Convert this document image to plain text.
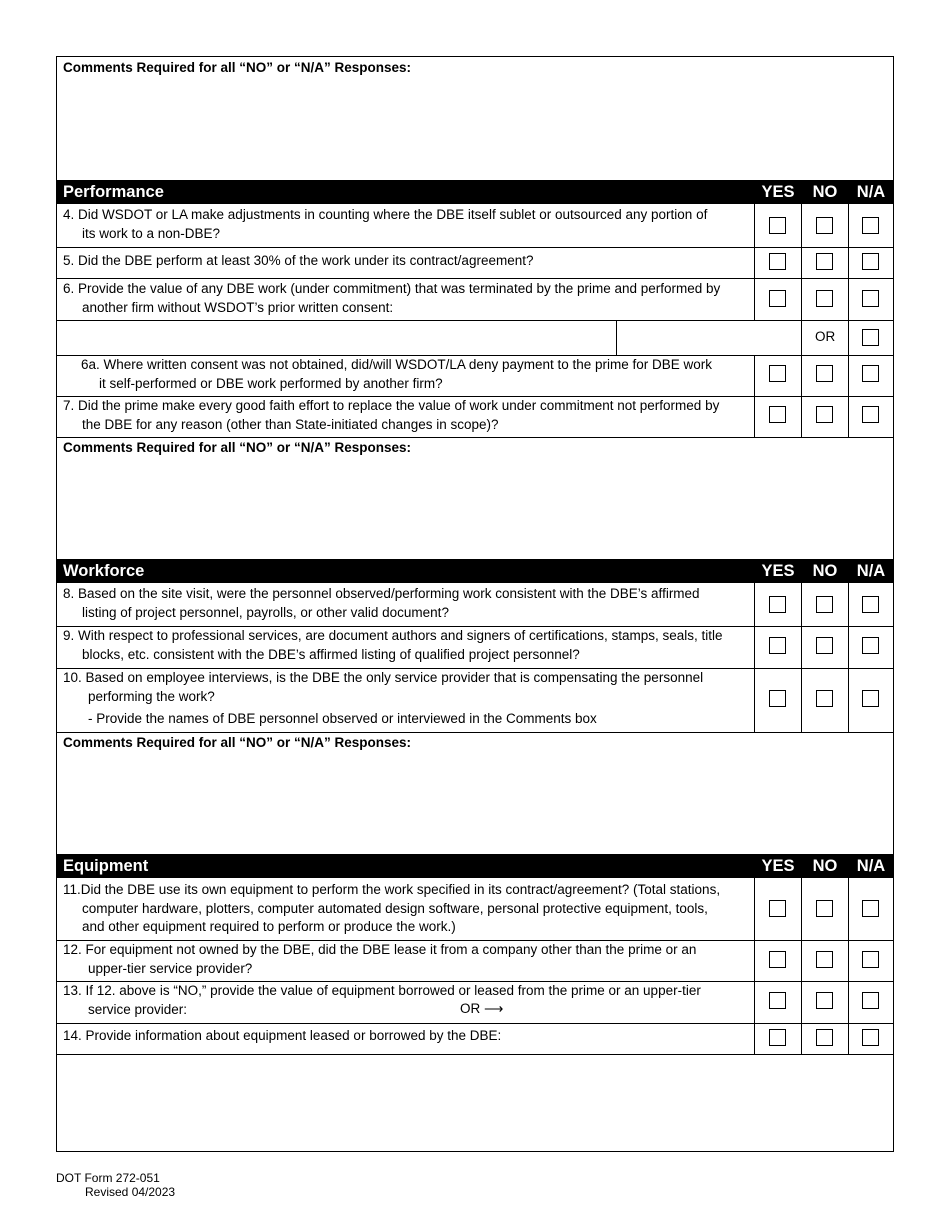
Comments Required for all “NO” or “N/A” Responses:
Performance	YES	NO	N/A
4. Did WSDOT or LA make adjustments in counting where the DBE itself sublet or outsourced any portion of
its work to a non-DBE?
5. Did the DBE perform at least 30% of the work under its contract/agreement?
6. Provide the value of any DBE work (under commitment) that was terminated by the prime and performed by
another firm without WSDOT’s prior written consent:
OR
6a. Where written consent was not obtained, did/will WSDOT/LA deny payment to the prime for DBE work
it self-performed or DBE work performed by another firm?
7. Did the prime make every good faith effort to replace the value of work under commitment not performed by
the DBE for any reason (other than State-initiated changes in scope)?
Comments Required for all “NO” or “N/A” Responses:
Workforce	YES	NO	N/A
8. Based on the site visit, were the personnel observed/performing work consistent with the DBE’s affirmed
listing of project personnel, payrolls, or other valid document?
9. With respect to professional services, are document authors and signers of certifications, stamps, seals, title
blocks, etc. consistent with the DBE’s affirmed listing of qualified project personnel?
10. Based on employee interviews, is the DBE the only service provider that is compensating the personnel
performing the work?
- Provide the names of DBE personnel observed or interviewed in the Comments box
Comments Required for all “NO” or “N/A” Responses:
Equipment	YES	NO	N/A
11.Did the DBE use its own equipment to perform the work specified in its contract/agreement? (Total stations,
computer hardware, plotters, computer automated design software, personal protective equipment, tools,
and other equipment required to perform or produce the work.)
12. For equipment not owned by the DBE, did the DBE lease it from a company other than the prime or an
upper-tier service provider?
13. If 12. above is “NO,” provide the value of equipment borrowed or leased from the prime or an upper-tier
service provider:	OR ⟶
14. Provide information about equipment leased or borrowed by the DBE:
DOT Form 272-051
Revised 04/2023
